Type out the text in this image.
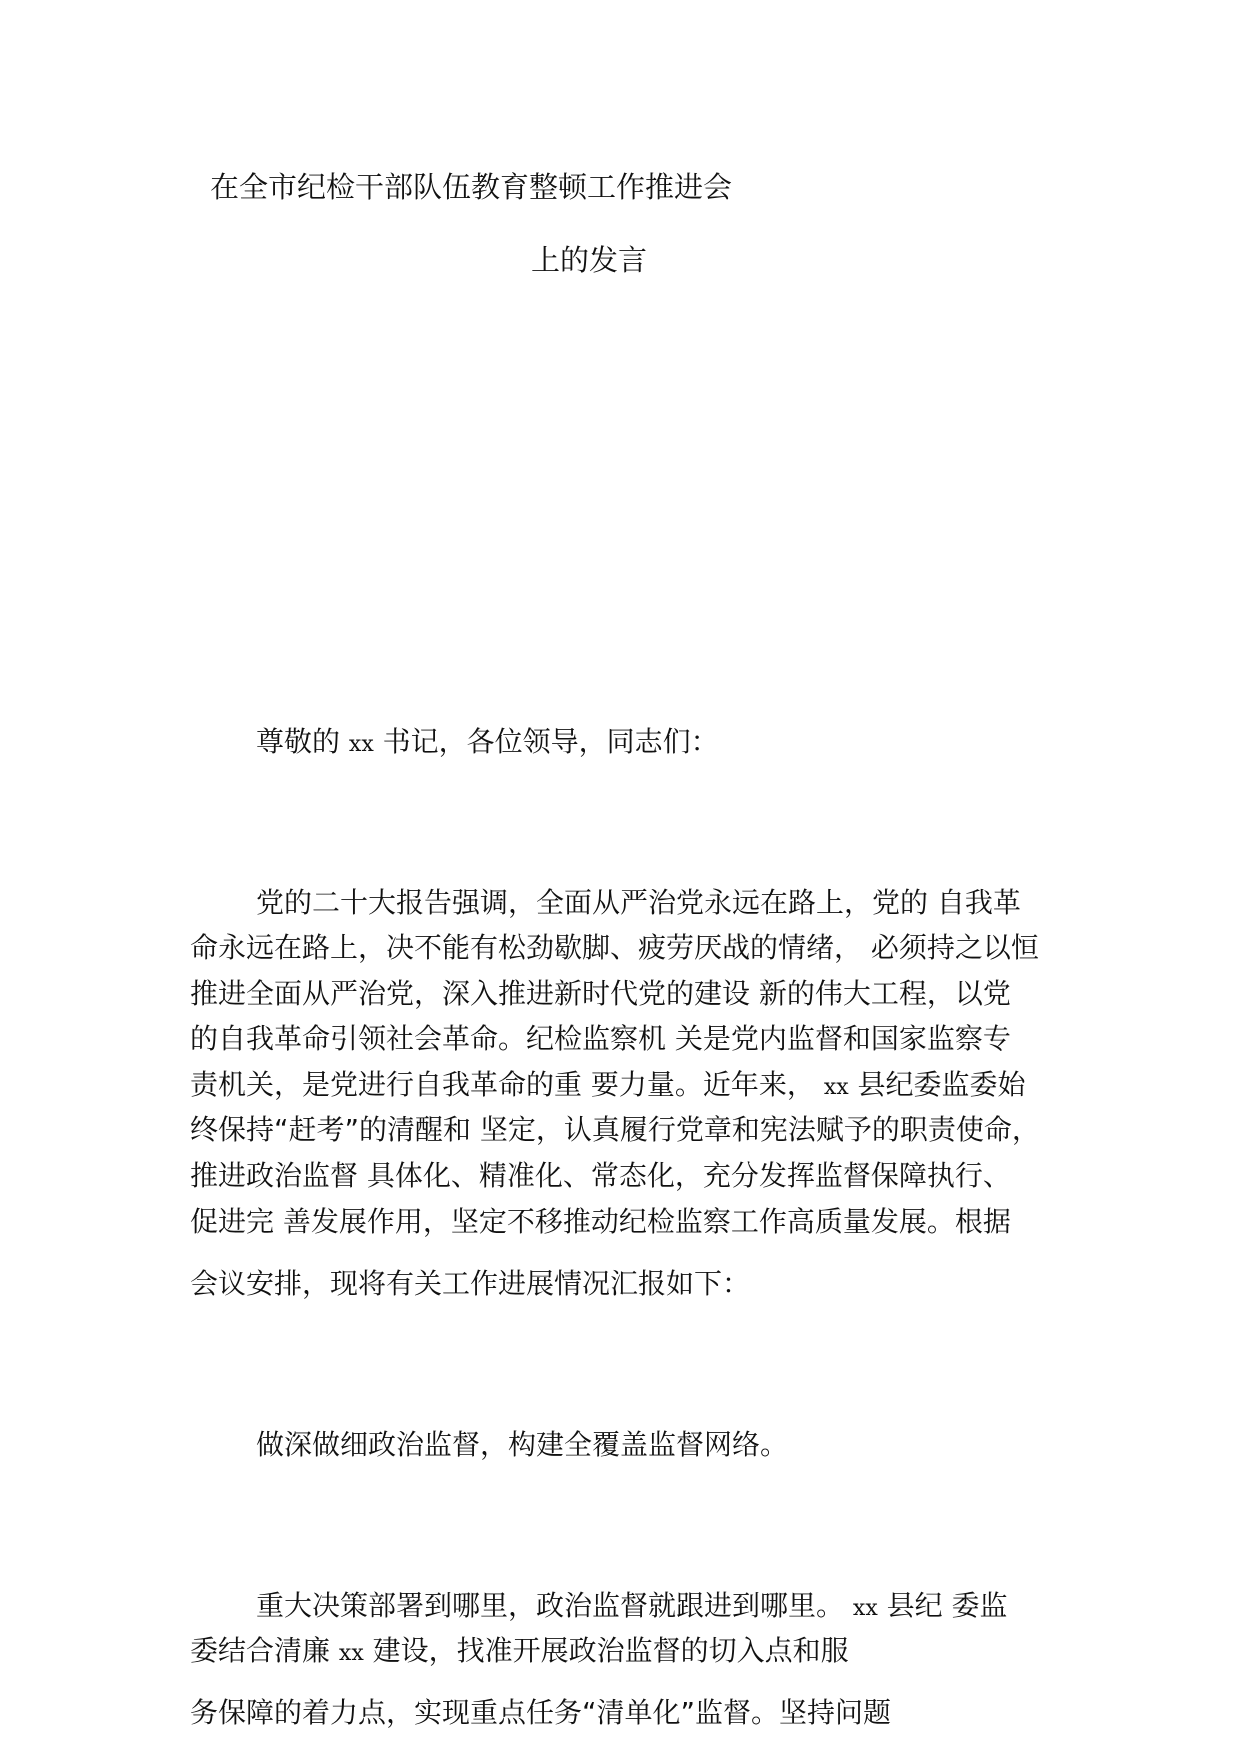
在全市纪检干部队伍教育整顿工作推进会
上的发言
尊敬的 xx 书记，各位领导，同志们：
党的二十大报告强调，全面从严治党永远在路上，党的 自我革
命永远在路上，决不能有松劲歇脚、疲劳厌战的情绪， 必须持之以恒
推进全面从严治党，深入推进新时代党的建设 新的伟大工程，以党
的自我革命引领社会革命。纪检监察机 关是党内监督和国家监察专
责机关，是党进行自我革命的重 要力量。近年来， xx 县纪委监委始
终保持“赶考”的清醒和 坚定，认真履行党章和宪法赋予的职责使命，
推进政治监督 具体化、精准化、常态化，充分发挥监督保障执行、
促进完 善发展作用，坚定不移推动纪检监察工作高质量发展。根据
会议安排，现将有关工作进展情况汇报如下：
做深做细政治监督，构建全覆盖监督网络。
重大决策部署到哪里，政治监督就跟进到哪里。 xx 县纪 委监
委结合清廉 xx 建设，找准开展政治监督的切入点和服
务保障的着力点，实现重点任务“清单化”监督。坚持问题
